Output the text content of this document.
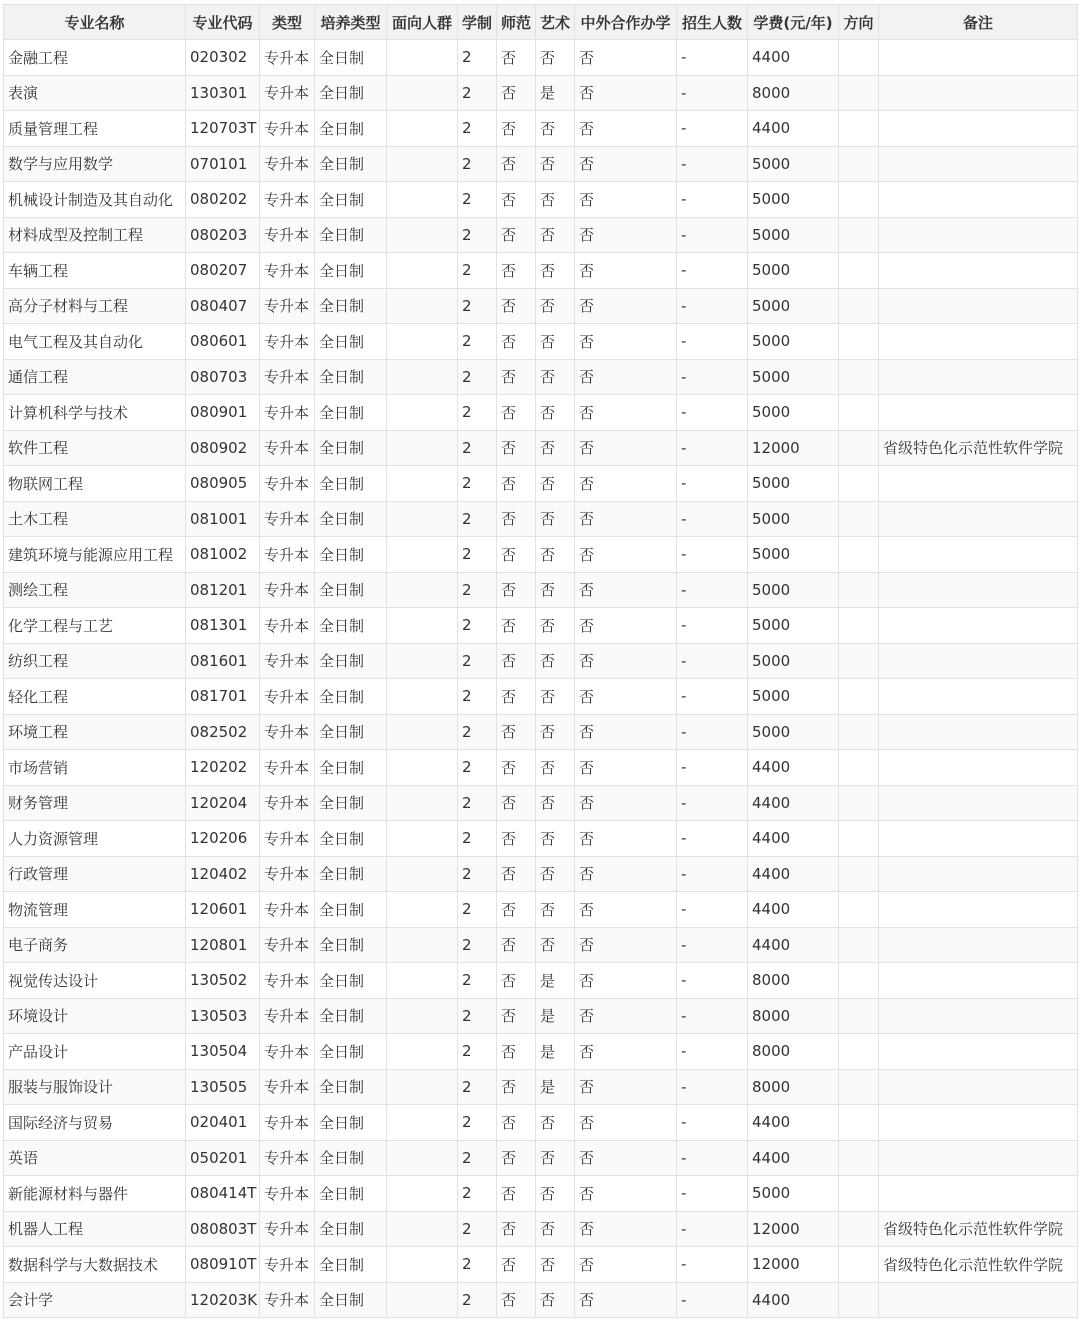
专业名称	专业代码	类型	培养类型	面向人群	学制	师范	艺术	中外合作办学	招生人数	学费(元/年)	方向	备注
金融工程	020302	专升本	全日制		2	否	否	否	-	4400		
表演	130301	专升本	全日制		2	否	是	否	-	8000		
质量管理工程	120703T	专升本	全日制		2	否	否	否	-	4400		
数学与应用数学	070101	专升本	全日制		2	否	否	否	-	5000		
机械设计制造及其自动化	080202	专升本	全日制		2	否	否	否	-	5000		
材料成型及控制工程	080203	专升本	全日制		2	否	否	否	-	5000		
车辆工程	080207	专升本	全日制		2	否	否	否	-	5000		
高分子材料与工程	080407	专升本	全日制		2	否	否	否	-	5000		
电气工程及其自动化	080601	专升本	全日制		2	否	否	否	-	5000		
通信工程	080703	专升本	全日制		2	否	否	否	-	5000		
计算机科学与技术	080901	专升本	全日制		2	否	否	否	-	5000		
软件工程	080902	专升本	全日制		2	否	否	否	-	12000		省级特色化示范性软件学院
物联网工程	080905	专升本	全日制		2	否	否	否	-	5000		
土木工程	081001	专升本	全日制		2	否	否	否	-	5000		
建筑环境与能源应用工程	081002	专升本	全日制		2	否	否	否	-	5000		
测绘工程	081201	专升本	全日制		2	否	否	否	-	5000		
化学工程与工艺	081301	专升本	全日制		2	否	否	否	-	5000		
纺织工程	081601	专升本	全日制		2	否	否	否	-	5000		
轻化工程	081701	专升本	全日制		2	否	否	否	-	5000		
环境工程	082502	专升本	全日制		2	否	否	否	-	5000		
市场营销	120202	专升本	全日制		2	否	否	否	-	4400		
财务管理	120204	专升本	全日制		2	否	否	否	-	4400		
人力资源管理	120206	专升本	全日制		2	否	否	否	-	4400		
行政管理	120402	专升本	全日制		2	否	否	否	-	4400		
物流管理	120601	专升本	全日制		2	否	否	否	-	4400		
电子商务	120801	专升本	全日制		2	否	否	否	-	4400		
视觉传达设计	130502	专升本	全日制		2	否	是	否	-	8000		
环境设计	130503	专升本	全日制		2	否	是	否	-	8000		
产品设计	130504	专升本	全日制		2	否	是	否	-	8000		
服装与服饰设计	130505	专升本	全日制		2	否	是	否	-	8000		
国际经济与贸易	020401	专升本	全日制		2	否	否	否	-	4400		
英语	050201	专升本	全日制		2	否	否	否	-	4400		
新能源材料与器件	080414T	专升本	全日制		2	否	否	否	-	5000		
机器人工程	080803T	专升本	全日制		2	否	否	否	-	12000		省级特色化示范性软件学院
数据科学与大数据技术	080910T	专升本	全日制		2	否	否	否	-	12000		省级特色化示范性软件学院
会计学	120203K	专升本	全日制		2	否	否	否	-	4400		
